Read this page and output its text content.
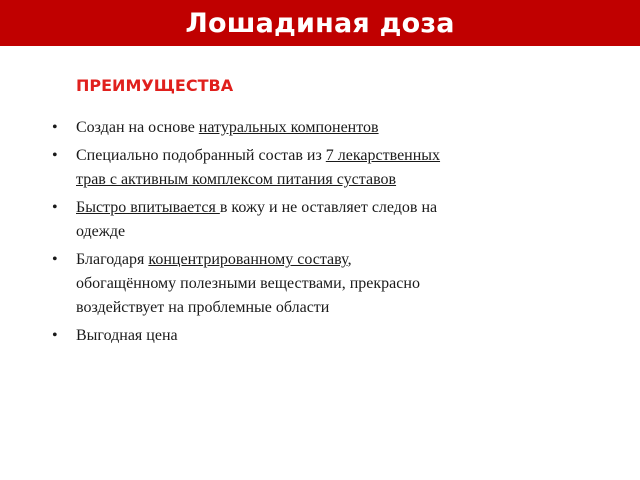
Лошадиная доза
ПРЕИМУЩЕСТВА
• Создан на основе натуральных компонентов
• Специально подобранный состав из 7 лекарственных трав с активным комплексом питания суставов
• Быстро впитывается в кожу и не оставляет следов на одежде
• Благодаря концентрированному составу, обогащённому полезными веществами, прекрасно воздействует на проблемные области
• Выгодная цена
